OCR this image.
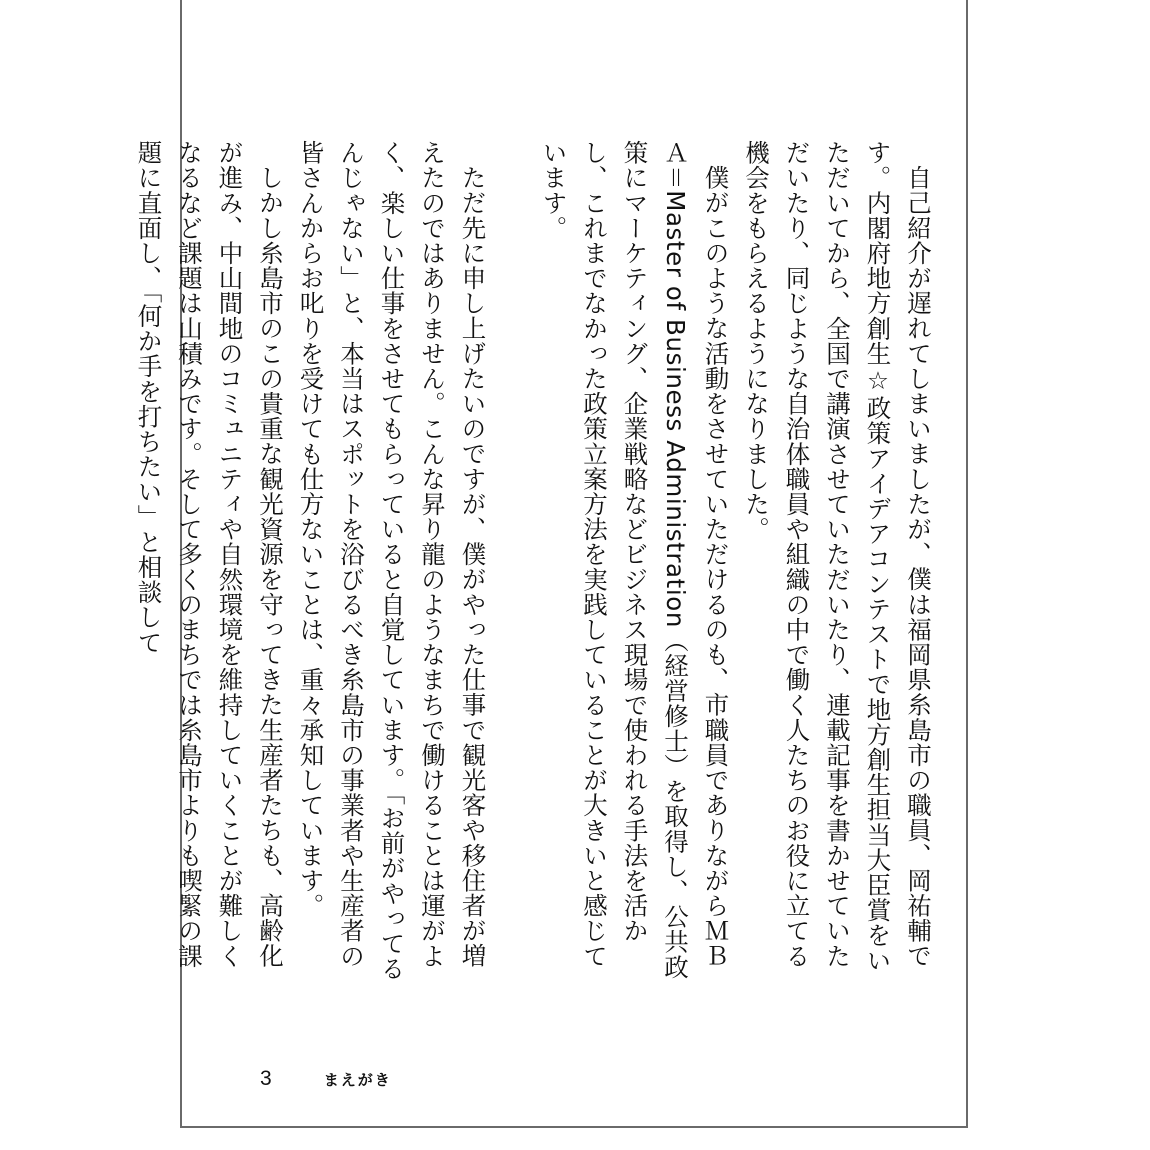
自己紹介が遅れてしまいましたが、僕は福岡県糸島市の職員、岡祐輔です。内閣府地方創生☆政策アイデアコンテストで地方創生担当大臣賞をいただいてから、全国で講演させていただいたり、連載記事を書かせていただいたり、同じような自治体職員や組織の中で働く人たちのお役に立てる機会をもらえるようになりました。

僕がこのような活動をさせていただけるのも、市職員でありながらＭＢＡ＝Master of Business Administration（経営修士）を取得し、公共政策にマーケティング、企業戦略などビジネス現場で使われる手法を活かし、これまでなかった政策立案方法を実践していることが大きいと感じています。

ただ先に申し上げたいのですが、僕がやった仕事で観光客や移住者が増えたのではありません。こんな昇り龍のようなまちで働けることは運がよく、楽しい仕事をさせてもらっていると自覚しています。「お前がやってるんじゃない」と、本当はスポットを浴びるべき糸島市の事業者や生産者の皆さんからお叱りを受けても仕方ないことは、重々承知しています。

しかし糸島市のこの貴重な観光資源を守ってきた生産者たちも、高齢化が進み、中山間地のコミュニティや自然環境を維持していくことが難しくなるなど課題は山積みです。そして多くのまちでは糸島市よりも喫緊の課題に直面し、「何か手を打ちたい」と相談して

3	まえがき
